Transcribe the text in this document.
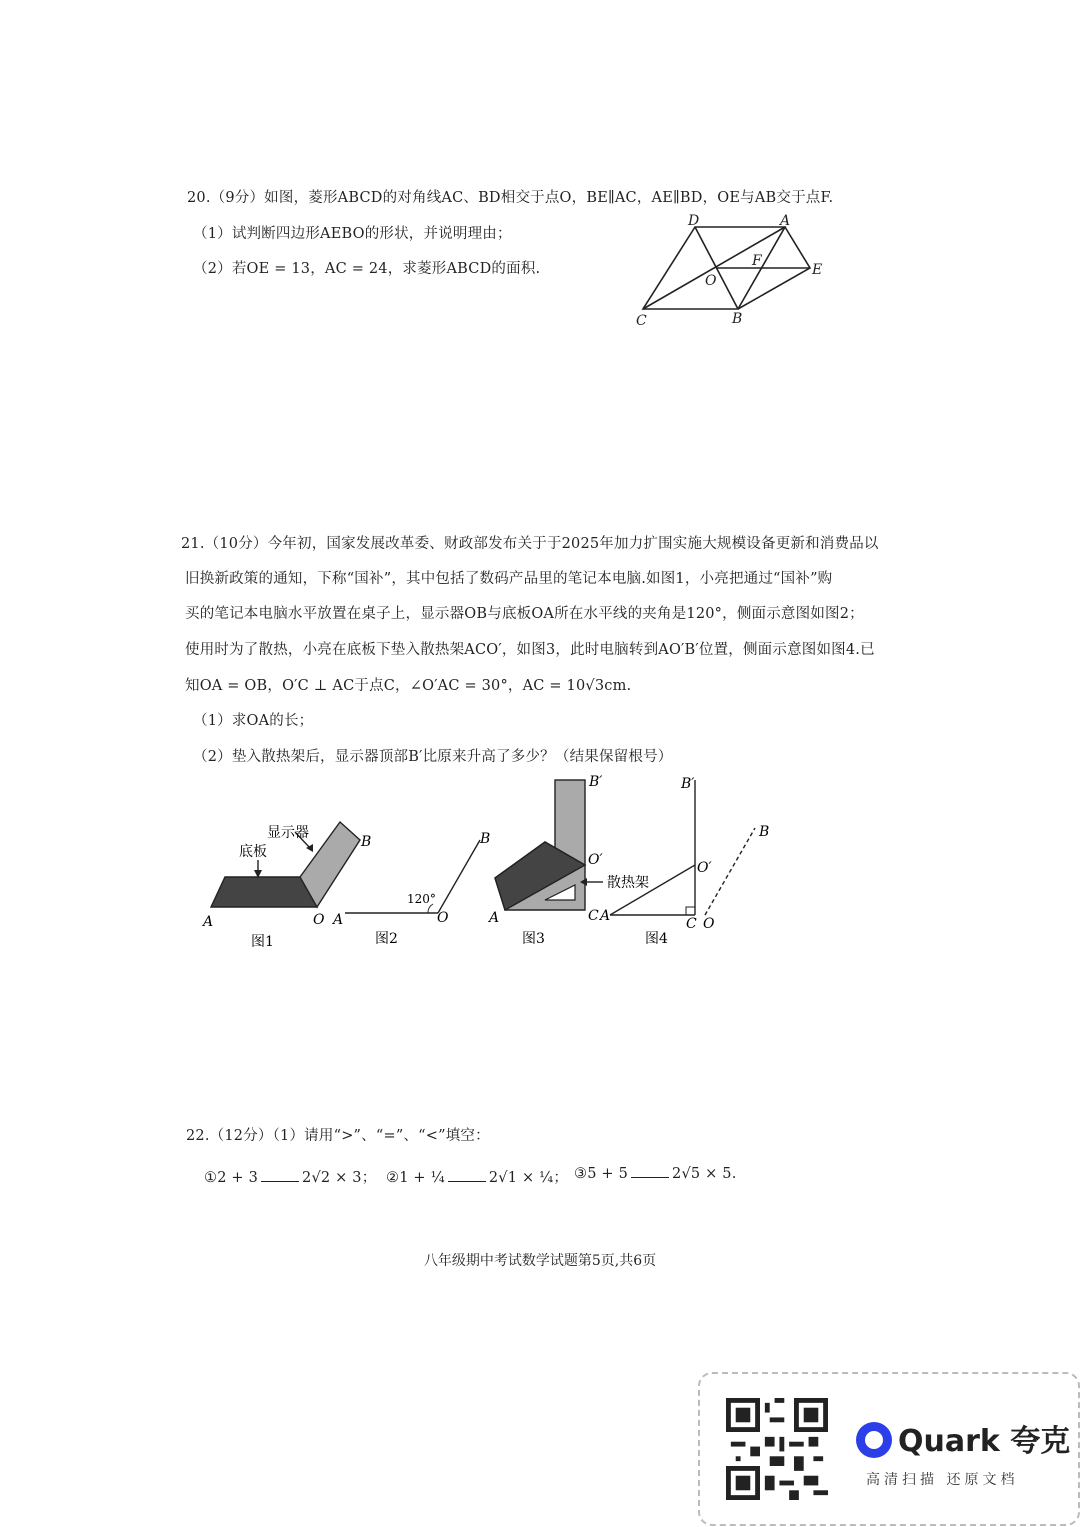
20.（9分）如图，菱形ABCD的对角线AC、BD相交于点O，BE∥AC，AE∥BD，OE与AB交于点F.
（1）试判断四边形AEBO的形状，并说明理由；
（2）若OE = 13，AC = 24，求菱形ABCD的面积.
D	A
F
E
O
C	B
21.（10分）今年初，国家发展改革委、财政部发布关于于2025年加力扩围实施大规模设备更新和消费品以
旧换新政策的通知，下称“国补”，其中包括了数码产品里的笔记本电脑.如图1，小亮把通过“国补”购
买的笔记本电脑水平放置在桌子上，显示器OB与底板OA所在水平线的夹角是120°，侧面示意图如图2；
使用时为了散热，小亮在底板下垫入散热架ACO′，如图3，此时电脑转到AO′B′位置，侧面示意图如图4.已
知OA = OB，O′C ⊥ AC于点C，∠O′AC = 30°，AC = 10√3cm.
（1）求OA的长；
（2）垫入散热架后，显示器顶部B′比原来升高了多少？（结果保留根号）
显示器
底板
A	O
B
图1
120°
A	O
B
图2
B′
O′
散热架
A	C
图3
B′
O′
A	C O
B
图4
22.（12分）（1）请用“>”、“=”、“<”填空：
①2 + 3	2√2 × 3； ②1 + ¼	2√1 × ¼； ③5 + 5	2√5 × 5.
八年级期中考试数学试题第5页,共6页
Quark 夸克
高清扫描 还原文档
